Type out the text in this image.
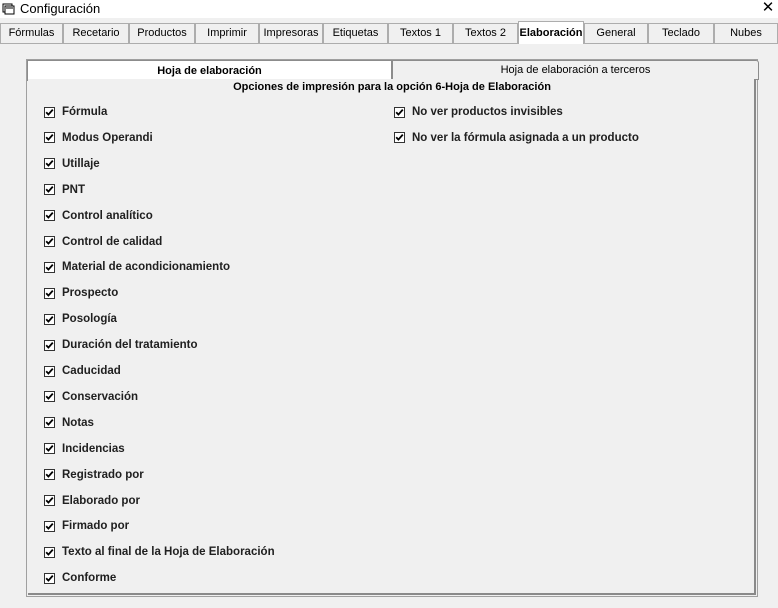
Configuración	✕
Fórmulas	Recetario	Productos	Imprimir	Impresoras	Etiquetas	Textos 1	Textos 2	Elaboración	General	Teclado	Nubes
Hoja de elaboración	Hoja de elaboración a terceros
Opciones de impresión para la opción 6-Hoja de Elaboración
Fórmula
Modus Operandi
Utillaje
PNT
Control analítico
Control de calidad
Material de acondicionamiento
Prospecto
Posología
Duración del tratamiento
Caducidad
Conservación
Notas
Incidencias
Registrado por
Elaborado por
Firmado por
Texto al final de la Hoja de Elaboración
Conforme
No ver productos invisibles
No ver la fórmula asignada a un producto
